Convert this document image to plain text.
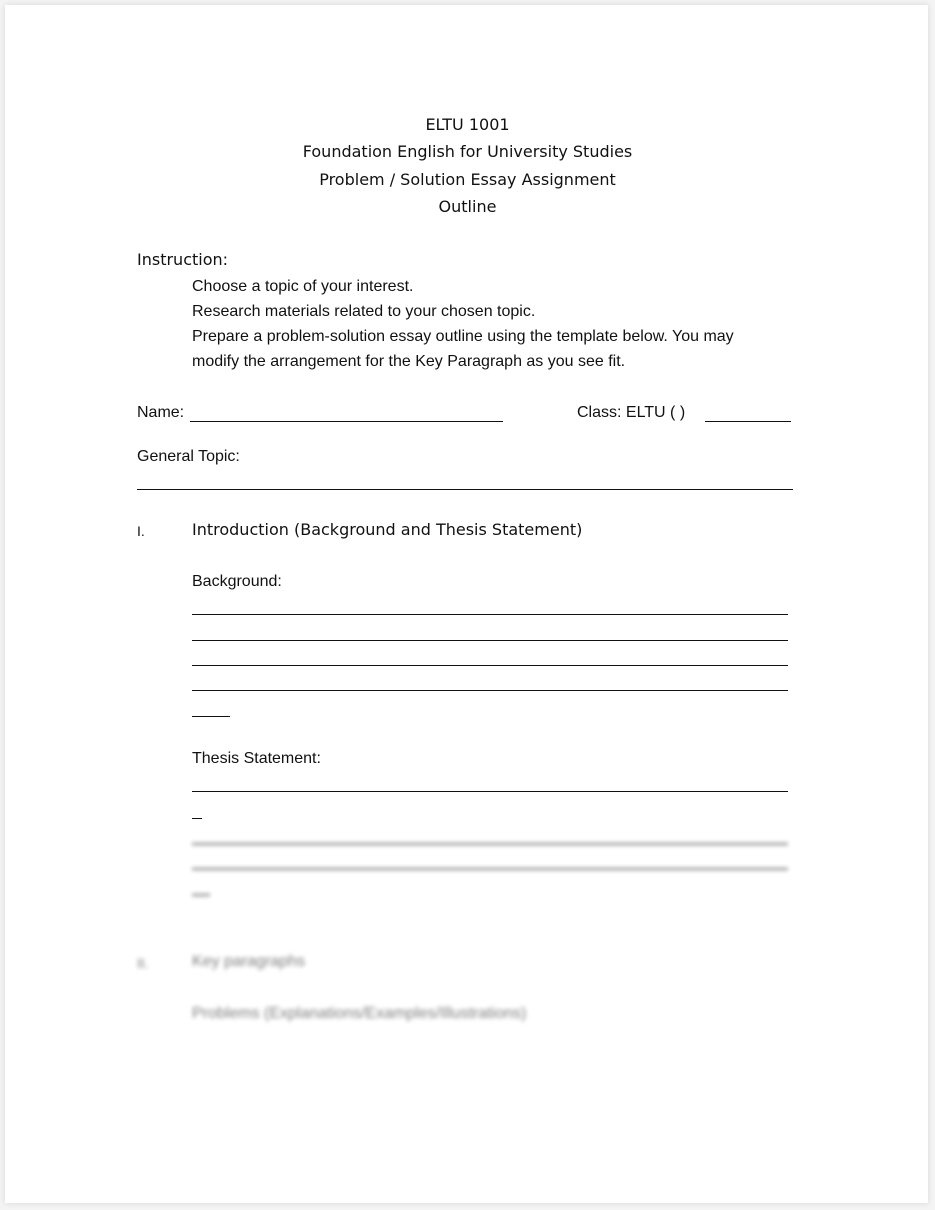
ELTU 1001
Foundation English for University Studies
Problem / Solution Essay Assignment
Outline
Instruction:
Choose a topic of your interest.
Research materials related to your chosen topic.
Prepare a problem-solution essay outline using the template below. You may
modify the arrangement for the Key Paragraph as you see fit.
Name:	Class: ELTU ( )
General Topic:
I.	Introduction (Background and Thesis Statement)
Background:
Thesis Statement:
II.	Key paragraphs
Problems (Explanations/Examples/Illustrations)
